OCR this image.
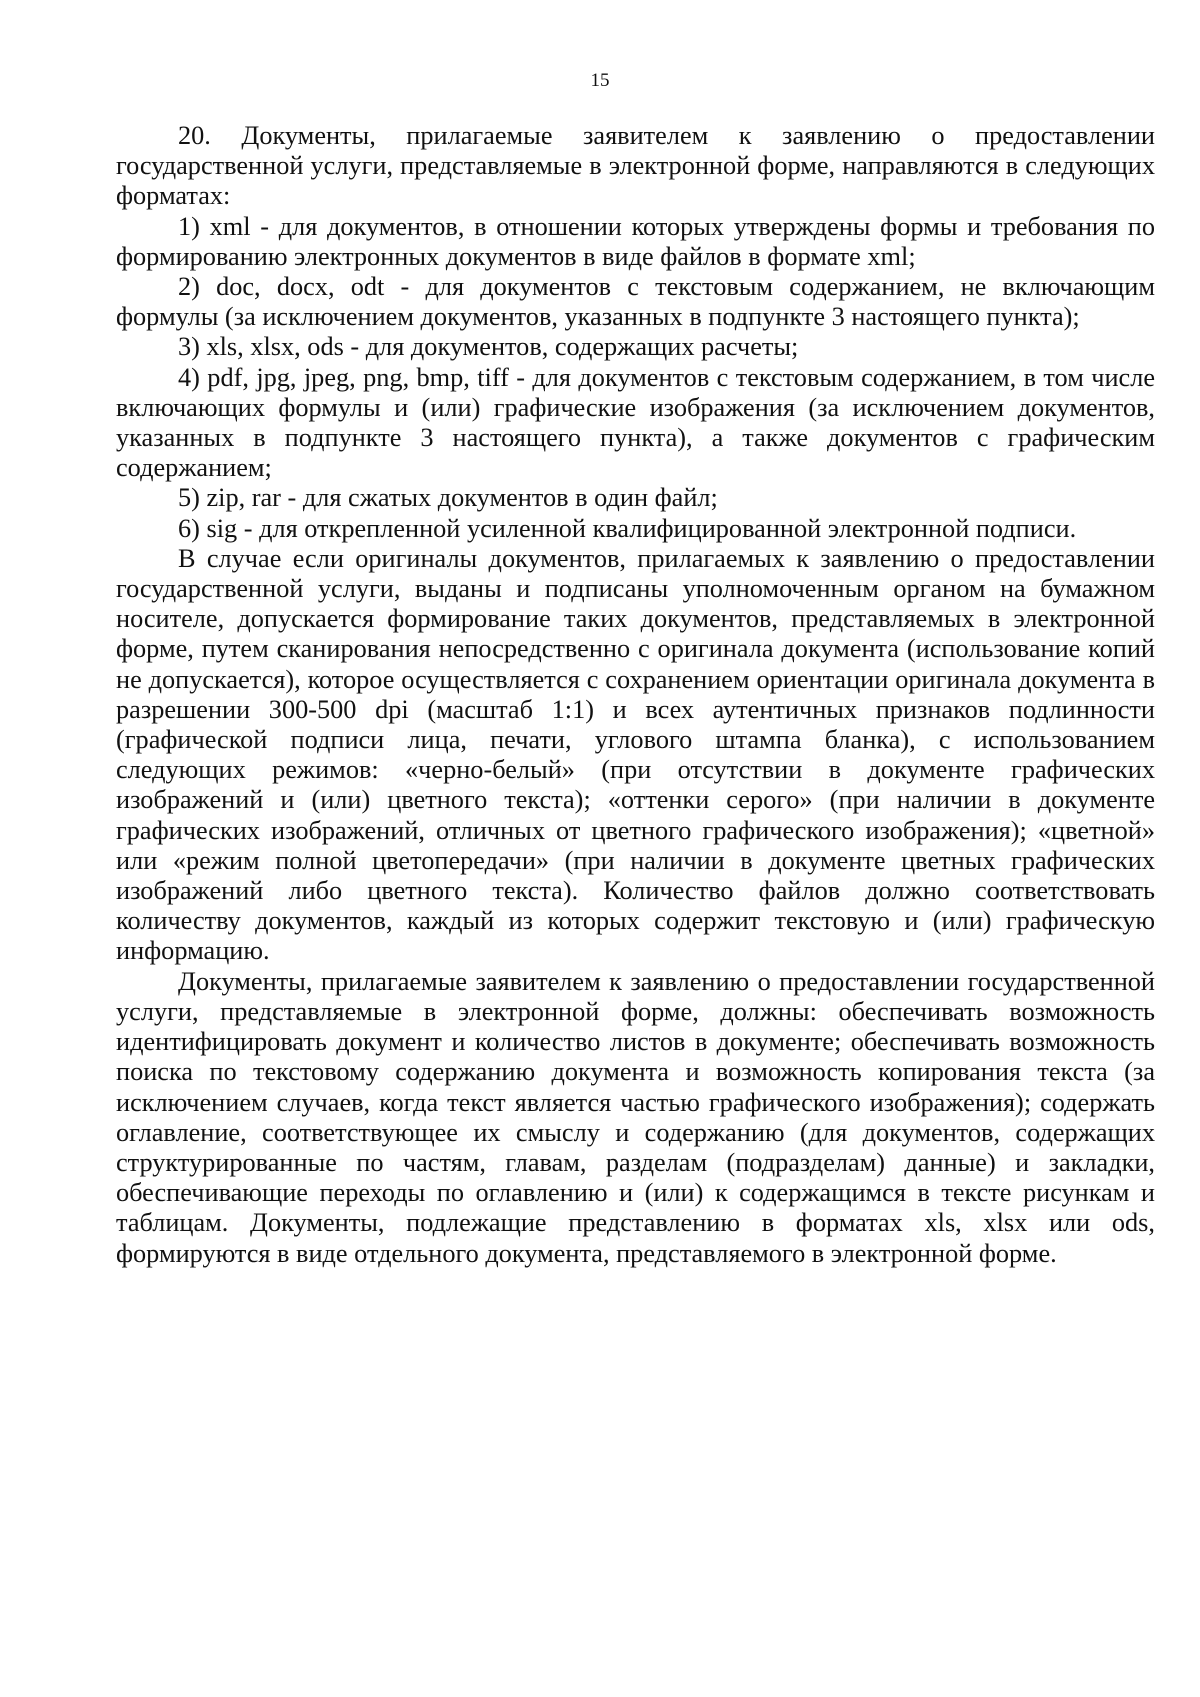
15

20. Документы, прилагаемые заявителем к заявлению о предоставлении государственной услуги, представляемые в электронной форме, направляются в следующих форматах:

1) xml - для документов, в отношении которых утверждены формы и требования по формированию электронных документов в виде файлов в формате xml;

2) doc, docx, odt - для документов с текстовым содержанием, не включающим формулы (за исключением документов, указанных в подпункте 3 настоящего пункта);

3) xls, xlsx, ods - для документов, содержащих расчеты;

4) pdf, jpg, jpeg, png, bmp, tiff - для документов с текстовым содержанием, в том числе включающих формулы и (или) графические изображения (за исключением документов, указанных в подпункте 3 настоящего пункта), а также документов с графическим содержанием;

5) zip, rar - для сжатых документов в один файл;

6) sig - для открепленной усиленной квалифицированной электронной подписи.

В случае если оригиналы документов, прилагаемых к заявлению о предоставлении государственной услуги, выданы и подписаны уполномоченным органом на бумажном носителе, допускается формирование таких документов, представляемых в электронной форме, путем сканирования непосредственно с оригинала документа (использование копий не допускается), которое осуществляется с сохранением ориентации оригинала документа в разрешении 300-500 dpi (масштаб 1:1) и всех аутентичных признаков подлинности (графической подписи лица, печати, углового штампа бланка), с использованием следующих режимов: «черно-белый» (при отсутствии в документе графических изображений и (или) цветного текста); «оттенки серого» (при наличии в документе графических изображений, отличных от цветного графического изображения); «цветной» или «режим полной цветопередачи» (при наличии в документе цветных графических изображений либо цветного текста). Количество файлов должно соответствовать количеству документов, каждый из которых содержит текстовую и (или) графическую информацию.

Документы, прилагаемые заявителем к заявлению о предоставлении государственной услуги, представляемые в электронной форме, должны: обеспечивать возможность идентифицировать документ и количество листов в документе; обеспечивать возможность поиска по текстовому содержанию документа и возможность копирования текста (за исключением случаев, когда текст является частью графического изображения); содержать оглавление, соответствующее их смыслу и содержанию (для документов, содержащих структурированные по частям, главам, разделам (подразделам) данные) и закладки, обеспечивающие переходы по оглавлению и (или) к содержащимся в тексте рисункам и таблицам. Документы, подлежащие представлению в форматах xls, xlsx или ods, формируются в виде отдельного документа, представляемого в электронной форме.
